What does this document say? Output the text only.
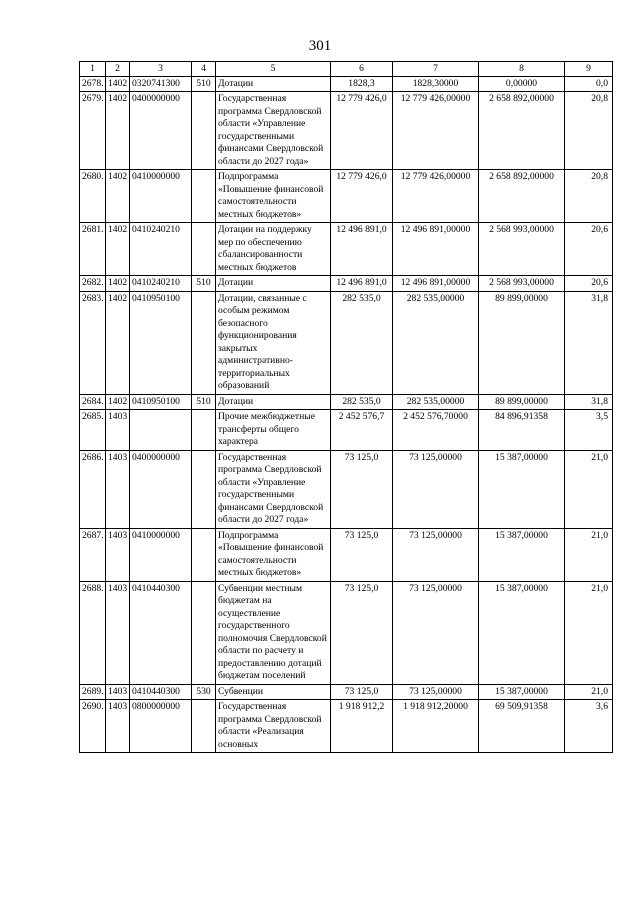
301
1	2	3	4	5	6	7	8	9
2678.	1402	0320741300	510	Дотации	1828,3	1828,30000	0,00000	0,0
2679.	1402	0400000000		Государственная программа Свердловской области «Управление государственными финансами Свердловской области до 2027 года»	12 779 426,0	12 779 426,00000	2 658 892,00000	20,8
2680.	1402	0410000000		Подпрограмма «Повышение финансовой самостоятельности местных бюджетов»	12 779 426,0	12 779 426,00000	2 658 892,00000	20,8
2681.	1402	0410240210		Дотации на поддержку мер по обеспечению сбалансированности местных бюджетов	12 496 891,0	12 496 891,00000	2 568 993,00000	20,6
2682.	1402	0410240210	510	Дотации	12 496 891,0	12 496 891,00000	2 568 993,00000	20,6
2683.	1402	0410950100		Дотации, связанные с особым режимом безопасного функционирования закрытых административно-территориальных образований	282 535,0	282 535,00000	89 899,00000	31,8
2684.	1402	0410950100	510	Дотации	282 535,0	282 535,00000	89 899,00000	31,8
2685.	1403			Прочие межбюджетные трансферты общего характера	2 452 576,7	2 452 576,70000	84 896,91358	3,5
2686.	1403	0400000000		Государственная программа Свердловской области «Управление государственными финансами Свердловской области до 2027 года»	73 125,0	73 125,00000	15 387,00000	21,0
2687.	1403	0410000000		Подпрограмма «Повышение финансовой самостоятельности местных бюджетов»	73 125,0	73 125,00000	15 387,00000	21,0
2688.	1403	0410440300		Субвенции местным бюджетам на осуществление государственного полномочия Свердловской области по расчету и предоставлению дотаций бюджетам поселений	73 125,0	73 125,00000	15 387,00000	21,0
2689.	1403	0410440300	530	Субвенции	73 125,0	73 125,00000	15 387,00000	21,0
2690.	1403	0800000000		Государственная программа Свердловской области «Реализация основных	1 918 912,2	1 918 912,20000	69 509,91358	3,6
